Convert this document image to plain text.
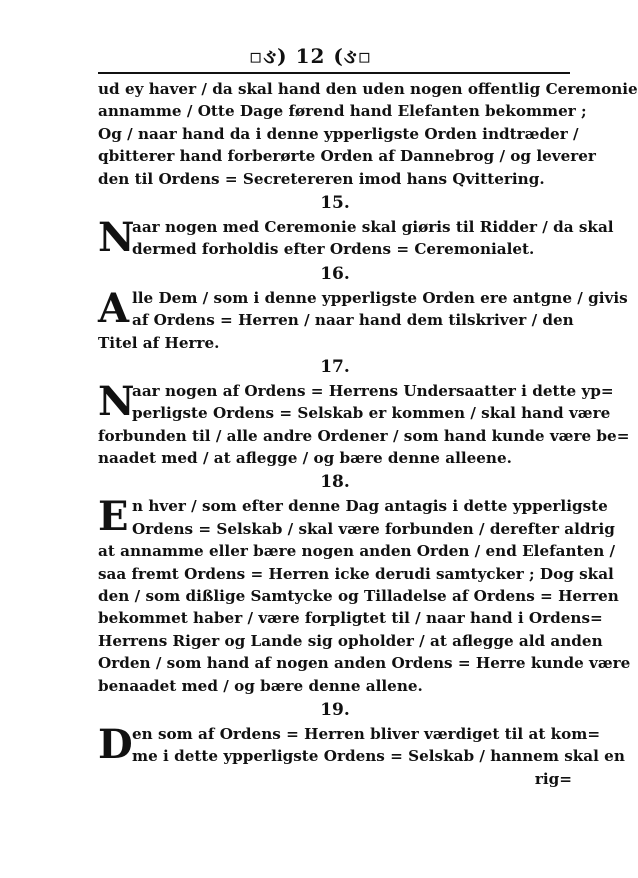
▫ઙ) 12 (ઙ▫
ud ey haver / da skal hand den uden nogen offentlig Ceremonie
annamme / Otte Dage førend hand Elefanten bekommer ;
Og / naar hand da i denne ypperligste Orden indtræder /
qbitterer hand forberørte Orden af Dannebrog / og leverer
den til Ordens = Secretereren imod hans Qvittering.
15.
N
aar nogen med Ceremonie skal giøris til Ridder / da skal
dermed forholdis efter Ordens = Ceremonialet.
16.
A lle Dem / som i denne ypperligste Orden ere antgne / givis
af Ordens = Herren / naar hand dem tilskriver / den
Titel af Herre.
17.
N
aar nogen af Ordens = Herrens Undersaatter i dette yp=
perligste Ordens = Selskab er kommen / skal hand være
forbunden til / alle andre Ordener / som hand kunde være be=
naadet med / at aflegge / og bære denne alleene.
18.
E n hver / som efter denne Dag antagis i dette ypperligste
Ordens = Selskab / skal være forbunden / derefter aldrig
at annamme eller bære nogen anden Orden / end Elefanten /
saa fremt Ordens = Herren icke derudi samtycker ; Dog skal
den / som dißlige Samtycke og Tilladelse af Ordens = Herren
bekommet haber / være forpligtet til / naar hand i Ordens=
Herrens Riger og Lande sig opholder / at aflegge ald anden
Orden / som hand af nogen anden Ordens = Herre kunde være
benaadet med / og bære denne allene.
19.
D en som af Ordens = Herren bliver værdiget til at kom=
me i dette ypperligste Ordens = Selskab / hannem skal en
rig=
